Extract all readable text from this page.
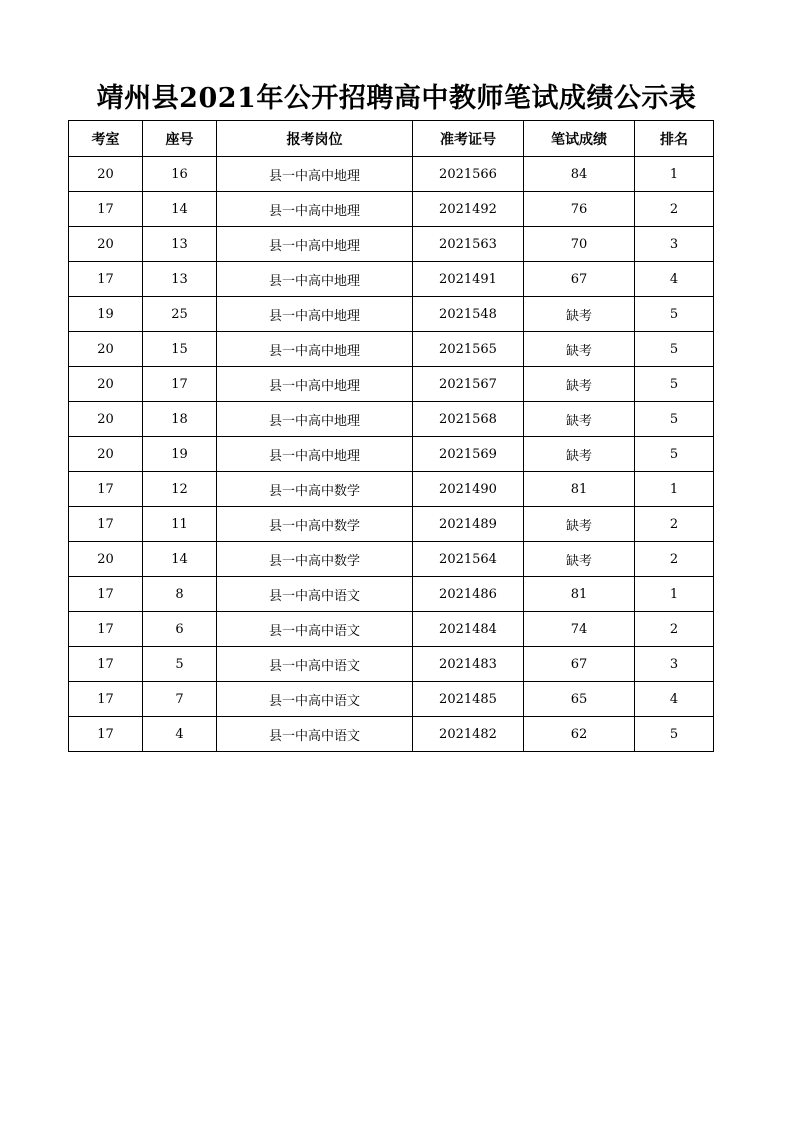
靖州县2021年公开招聘高中教师笔试成绩公示表
考室	座号	报考岗位	准考证号	笔试成绩	排名
20	16	县一中高中地理	2021566	84	1
17	14	县一中高中地理	2021492	76	2
20	13	县一中高中地理	2021563	70	3
17	13	县一中高中地理	2021491	67	4
19	25	县一中高中地理	2021548	缺考	5
20	15	县一中高中地理	2021565	缺考	5
20	17	县一中高中地理	2021567	缺考	5
20	18	县一中高中地理	2021568	缺考	5
20	19	县一中高中地理	2021569	缺考	5
17	12	县一中高中数学	2021490	81	1
17	11	县一中高中数学	2021489	缺考	2
20	14	县一中高中数学	2021564	缺考	2
17	8	县一中高中语文	2021486	81	1
17	6	县一中高中语文	2021484	74	2
17	5	县一中高中语文	2021483	67	3
17	7	县一中高中语文	2021485	65	4
17	4	县一中高中语文	2021482	62	5
